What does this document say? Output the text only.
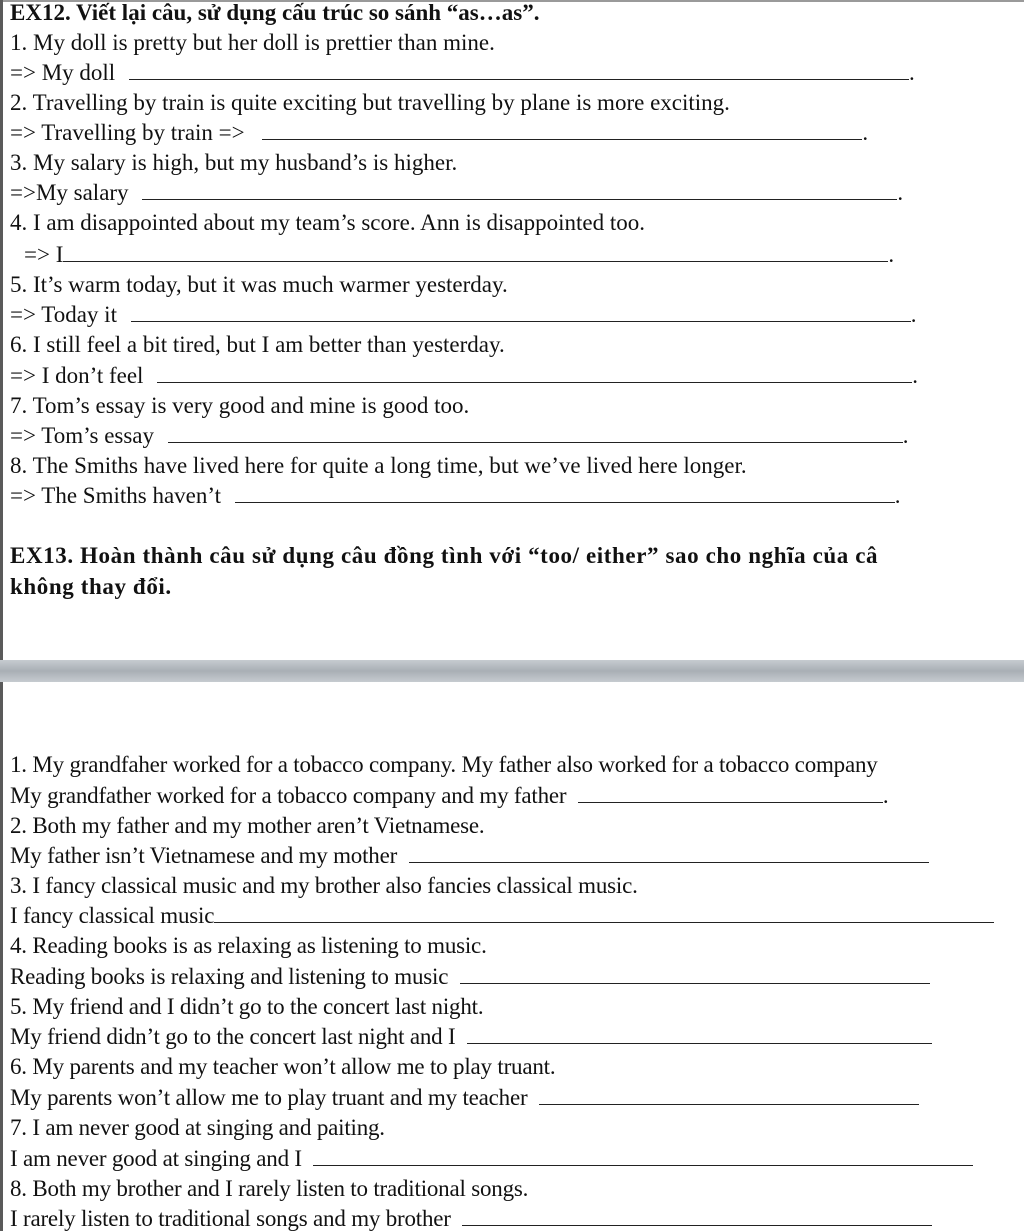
EX12. Viết lại câu, sử dụng cấu trúc so sánh “as…as”.
1. My doll is pretty but her doll is prettier than mine.
=> My doll	.
2. Travelling by train is quite exciting but travelling by plane is more exciting.
=> Travelling by train =>	.
3. My salary is high, but my husband’s is higher.
=>My salary	.
4. I am disappointed about my team’s score. Ann is disappointed too.
=> I	.
5. It’s warm today, but it was much warmer yesterday.
=> Today it	.
6. I still feel a bit tired, but I am better than yesterday.
=> I don’t feel	.
7. Tom’s essay is very good and mine is good too.
=> Tom’s essay	.
8. The Smiths have lived here for quite a long time, but we’ve lived here longer.
=> The Smiths haven’t	.
EX13. Hoàn thành câu sử dụng câu đồng tình với “too/ either” sao cho nghĩa của câ
không thay đổi.
1. My grandfaher worked for a tobacco company. My father also worked for a tobacco company
My grandfather worked for a tobacco company and my father	.
2. Both my father and my mother aren’t Vietnamese.
My father isn’t Vietnamese and my mother
3. I fancy classical music and my brother also fancies classical music.
I fancy classical music
4. Reading books is as relaxing as listening to music.
Reading books is relaxing and listening to music
5. My friend and I didn’t go to the concert last night.
My friend didn’t go to the concert last night and I
6. My parents and my teacher won’t allow me to play truant.
My parents won’t allow me to play truant and my teacher
7. I am never good at singing and paiting.
I am never good at singing and I
8. Both my brother and I rarely listen to traditional songs.
I rarely listen to traditional songs and my brother
